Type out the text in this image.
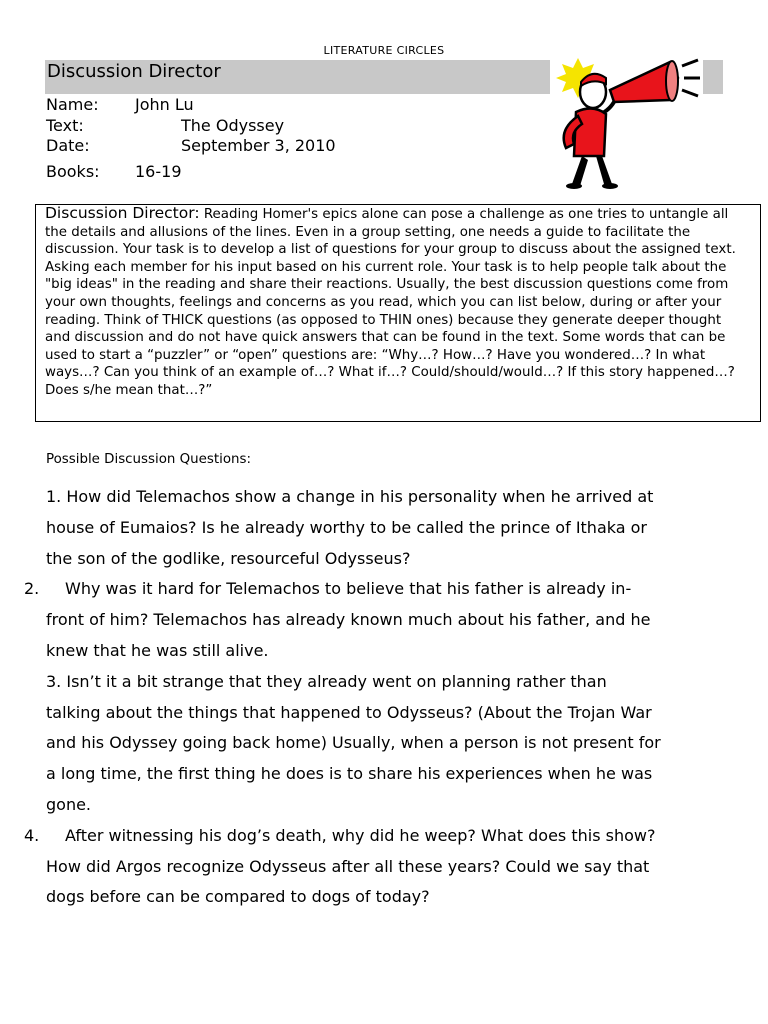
LITERATURE CIRCLES
Discussion Director
Name: John Lu
Text:	The Odyssey
Date:	September 3, 2010
Books: 16-19
Discussion Director: Reading Homer's epics alone can pose a challenge as one tries to untangle all the details and allusions of the lines. Even in a group setting, one needs a guide to facilitate the discussion. Your task is to develop a list of questions for your group to discuss about the assigned text. Asking each member for his input based on his current role. Your task is to help people talk about the "big ideas" in the reading and share their reactions. Usually, the best discussion questions come from your own thoughts, feelings and concerns as you read, which you can list below, during or after your reading. Think of THICK questions (as opposed to THIN ones) because they generate deeper thought and discussion and do not have quick answers that can be found in the text. Some words that can be used to start a “puzzler” or “open” questions are: “Why…? How…? Have you wondered…? In what ways…? Can you think of an example of…? What if…? Could/should/would…? If this story happened…? Does s/he mean that…?”
Possible Discussion Questions:
1. How did Telemachos show a change in his personality when he arrived at
house of Eumaios? Is he already worthy to be called the prince of Ithaka or
the son of the godlike, resourceful Odysseus?
2.	Why was it hard for Telemachos to believe that his father is already in-
front of him? Telemachos has already known much about his father, and he
knew that he was still alive.
3. Isn’t it a bit strange that they already went on planning rather than
talking about the things that happened to Odysseus? (About the Trojan War
and his Odyssey going back home) Usually, when a person is not present for
a long time, the first thing he does is to share his experiences when he was
gone.
4.	After witnessing his dog’s death, why did he weep? What does this show?
How did Argos recognize Odysseus after all these years? Could we say that
dogs before can be compared to dogs of today?
